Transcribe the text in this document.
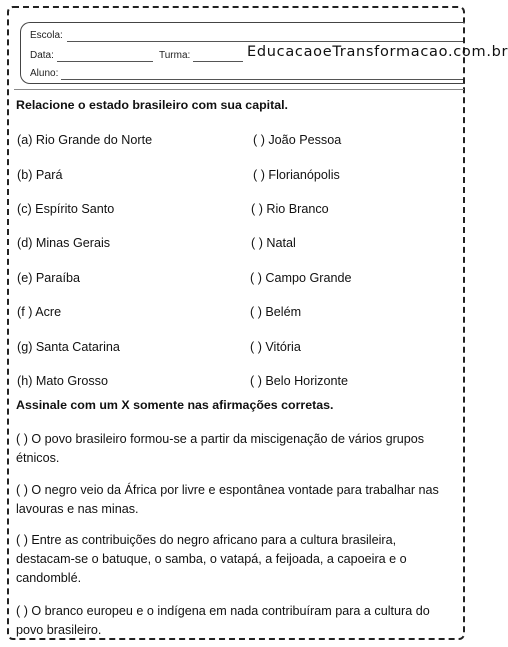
Escola:
Data:	Turma:
Aluno:
EducacaoeTransformacao.com.br
Relacione o estado brasileiro com sua capital.
(a) Rio Grande do Norte
(b) Pará
(c) Espírito Santo
(d) Minas Gerais
(e) Paraíba
(f ) Acre
(g) Santa Catarina
(h) Mato Grosso
( ) João Pessoa
( ) Florianópolis
( ) Rio Branco
( ) Natal
( ) Campo Grande
( ) Belém
( ) Vitória
( ) Belo Horizonte
Assinale com um X somente nas afirmações corretas.
( ) O povo brasileiro formou-se a partir da miscigenação de vários grupos étnicos.
( ) O negro veio da África por livre e espontânea vontade para trabalhar nas lavouras e nas minas.
( ) Entre as contribuições do negro africano para a cultura brasileira, destacam-se o batuque, o samba, o vatapá, a feijoada, a capoeira e o candomblé.
( ) O branco europeu e o indígena em nada contribuíram para a cultura do povo brasileiro.
